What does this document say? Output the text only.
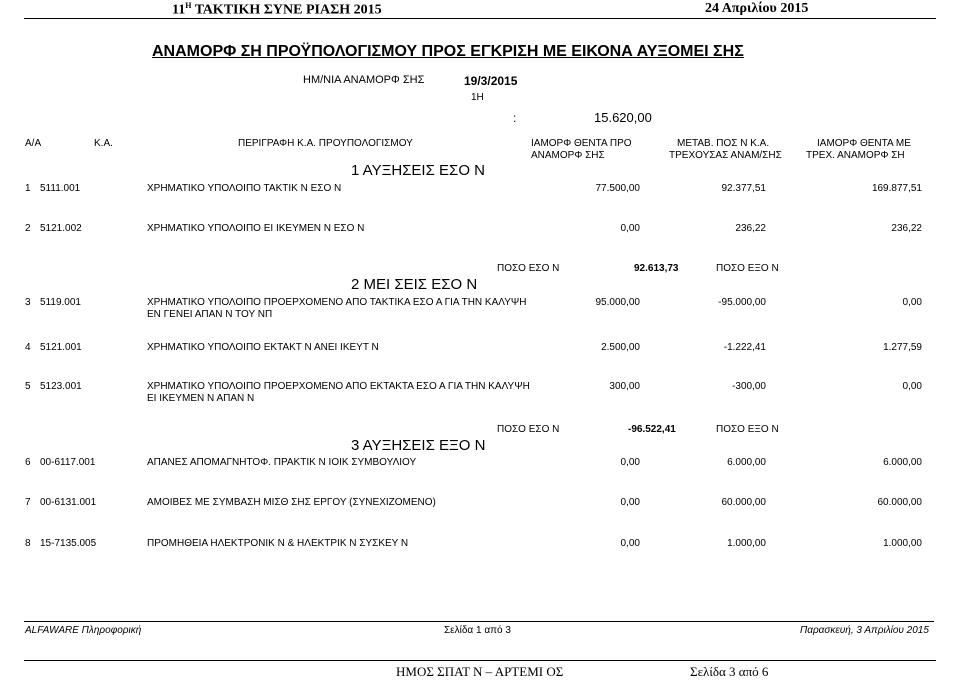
$11^H$ ΤΑΚΤΙΚΗ ΣΥΝΕ ΡΙΑΣΗ 2015	24 Απριλίου 2015
ΑΝΑΜΟΡΦ ΣΗ ΠΡΟΫΠΟΛΟΓΙΣΜΟΥ ΠΡΟΣ ΕΓΚΡΙΣΗ ΜΕ ΕΙΚΟΝΑ ΑΥΞΟΜΕΙ ΣΗΣ
ΗΜ/ΝΙΑ ΑΝΑΜΟΡΦ ΣΗΣ	19/3/2015
1Η
:	15.620,00
Α/Α	Κ.Α.	ΠΕΡΙΓΡΑΦΗ Κ.Α. ΠΡΟΥΠΟΛΟΓΙΣΜΟΥ	ΙΑΜΟΡΦ ΘΕΝΤΑ ΠΡΟ
ΑΝΑΜΟΡΦ ΣΗΣ
ΜΕΤΑΒ. ΠΟΣ Ν Κ.Α.
ΤΡΕΧΟΥΣΑΣ ΑΝΑΜ/ΣΗΣ
ΙΑΜΟΡΦ ΘΕΝΤΑ ΜΕ
ΤΡΕΧ. ΑΝΑΜΟΡΦ ΣΗ
1 ΑΥΞΗΣΕΙΣ ΕΣΟ Ν
1 5111.001	ΧΡΗΜΑΤΙΚΟ ΥΠΟΛΟΙΠΟ ΤΑΚΤΙΚ Ν ΕΣΟ Ν	77.500,00	92.377,51	169.877,51
2 5121.002	ΧΡΗΜΑΤΙΚΟ ΥΠΟΛΟΙΠΟ ΕΙ ΙΚΕΥΜΕΝ Ν ΕΣΟ Ν	0,00	236,22	236,22
ΠΟΣΟ ΕΣΟ Ν	92.613,73	ΠΟΣΟ ΕΞΟ Ν
2 ΜΕΙ ΣΕΙΣ ΕΣΟ Ν
3 5119.001	ΧΡΗΜΑΤΙΚΟ ΥΠΟΛΟΙΠΟ ΠΡΟΕΡΧΟΜΕΝΟ ΑΠΟ ΤΑΚΤΙΚΑ ΕΣΟ Α ΓΙΑ ΤΗΝ ΚΑΛΥΨΗ
ΕΝ ΓΕΝΕΙ ΑΠΑΝ Ν ΤΟΥ ΝΠ
95.000,00	-95.000,00	0,00
4 5121.001	ΧΡΗΜΑΤΙΚΟ ΥΠΟΛΟΙΠΟ ΕΚΤΑΚΤ Ν ΑΝΕΙ ΙΚΕΥΤ Ν	2.500,00	-1.222,41	1.277,59
5 5123.001	ΧΡΗΜΑΤΙΚΟ ΥΠΟΛΟΙΠΟ ΠΡΟΕΡΧΟΜΕΝΟ ΑΠΟ ΕΚΤΑΚΤΑ ΕΣΟ Α ΓΙΑ ΤΗΝ ΚΑΛΥΨΗ
ΕΙ ΙΚΕΥΜΕΝ Ν ΑΠΑΝ Ν
300,00	-300,00	0,00
ΠΟΣΟ ΕΣΟ Ν	-96.522,41	ΠΟΣΟ ΕΞΟ Ν
3 ΑΥΞΗΣΕΙΣ ΕΞΟ Ν
6 00-6117.001	ΑΠΑΝΕΣ ΑΠΟΜΑΓΝΗΤΟΦ. ΠΡΑΚΤΙΚ Ν ΙΟΙΚ ΣΥΜΒΟΥΛΙΟΥ	0,00	6.000,00	6.000,00
7 00-6131.001	ΑΜΟΙΒΕΣ ΜΕ ΣΥΜΒΑΣΗ ΜΙΣΘ ΣΗΣ ΕΡΓΟΥ (ΣΥΝΕΧΙΖΟΜΕΝΟ)	0,00	60.000,00	60.000,00
8 15-7135.005	ΠΡΟΜΗΘΕΙΑ ΗΛΕΚΤΡΟΝΙΚ Ν & ΗΛΕΚΤΡΙΚ Ν ΣΥΣΚΕΥ Ν	0,00	1.000,00	1.000,00
ALFAWARE Πληροφορική	Σελίδα 1 από 3	Παρασκευή, 3 Απριλίου 2015
ΗΜΟΣ ΣΠΑΤ Ν – ΑΡΤΕΜΙ ΟΣ	Σελίδα 3 από 6
